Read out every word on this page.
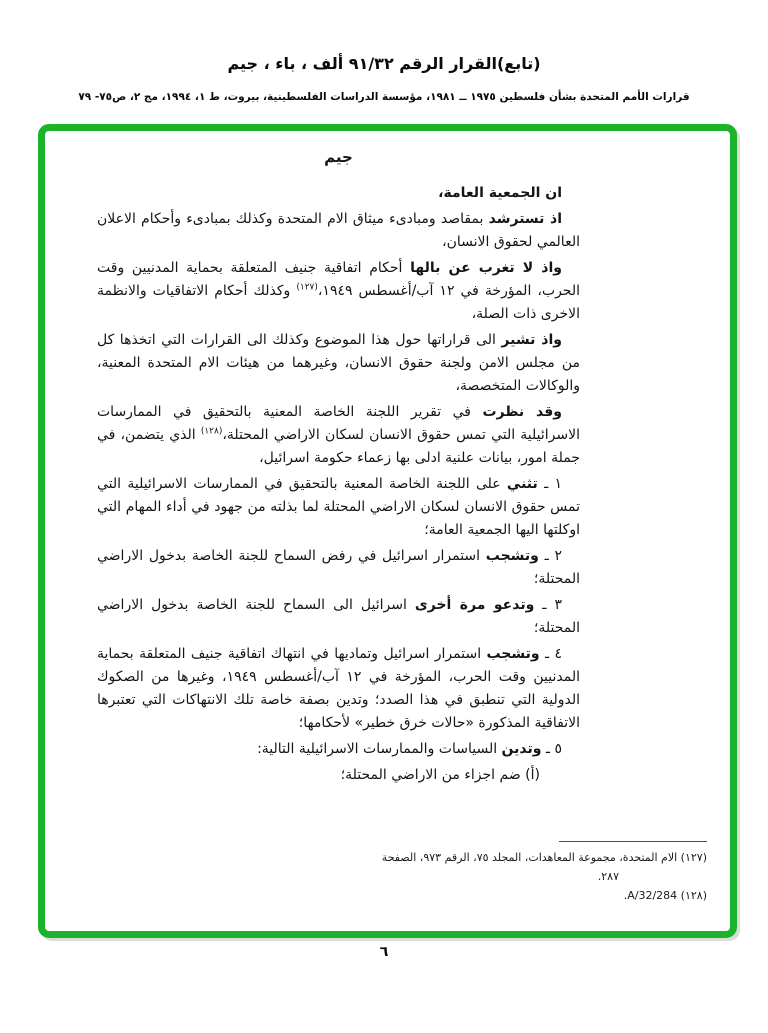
(تابع)القرار الرقم ٩١/٣٢ ألف ، باء ، جيم
قرارات الأمم المتحدة بشأن فلسطين ١٩٧٥ ــ ١٩٨١، مؤسسة الدراسات الفلسطينية، بيروت، ط ١، ١٩٩٤، مج ٢، ص٧٥- ٧٩
جيم

ان الجمعية العامة،

اذ تسترشد بمقاصد ومبادىء ميثاق الام المتحدة وكذلك بمبادىء وأحكام الاعلان العالمي لحقوق الانسان،

واذ لا تغرب عن بالها أحكام اتفاقية جنيف المتعلقة بحماية المدنيين وقت الحرب، المؤرخة في ١٢ آب/أغسطس ١٩٤٩،$^{(١٢٧)}$ وكذلك أحكام الاتفاقيات والانظمة الاخرى ذات الصلة،

واذ تشير الى قراراتها حول هذا الموضوع وكذلك الى القرارات التي اتخذها كل من مجلس الامن ولجنة حقوق الانسان، وغيرهما من هيئات الام المتحدة المعنية، والوكالات المتخصصة،

وقد نظرت في تقرير اللجنة الخاصة المعنية بالتحقيق في الممارسات الاسرائيلية التي تمس حقوق الانسان لسكان الاراضي المحتلة،$^{(١٢٨)}$ الذي يتضمن، في جملة امور، بيانات علنية ادلى بها زعماء حكومة اسرائيل،

١ ـ تثني على اللجنة الخاصة المعنية بالتحقيق في الممارسات الاسرائيلية التي تمس حقوق الانسان لسكان الاراضي المحتلة لما بذلته من جهود في أداء المهام التي اوكلتها اليها الجمعية العامة؛

٢ ـ وتشجب استمرار اسرائيل في رفض السماح للجنة الخاصة بدخول الاراضي المحتلة؛

٣ ـ وتدعو مرة أخرى اسرائيل الى السماح للجنة الخاصة بدخول الاراضي المحتلة؛

٤ ـ وتشجب استمرار اسرائيل وتماديها في انتهاك اتفاقية جنيف المتعلقة بحماية المدنيين وقت الحرب، المؤرخة في ١٢ آب/أغسطس ١٩٤٩، وغيرها من الصكوك الدولية التي تنطبق في هذا الصدد؛ وتدين بصفة خاصة تلك الانتهاكات التي تعتبرها الاتفاقية المذكورة «حالات خرق خطير» لأحكامها؛

٥ ـ وتدين السياسات والممارسات الاسرائيلية التالية:

(أ) ضم اجزاء من الاراضي المحتلة؛

(١٢٧) الام المتحدة، مجموعة المعاهدات، المجلد ٧٥، الرقم ٩٧٣، الصفحة
٢٨٧.
(١٢٨) A/32/284.
٦
